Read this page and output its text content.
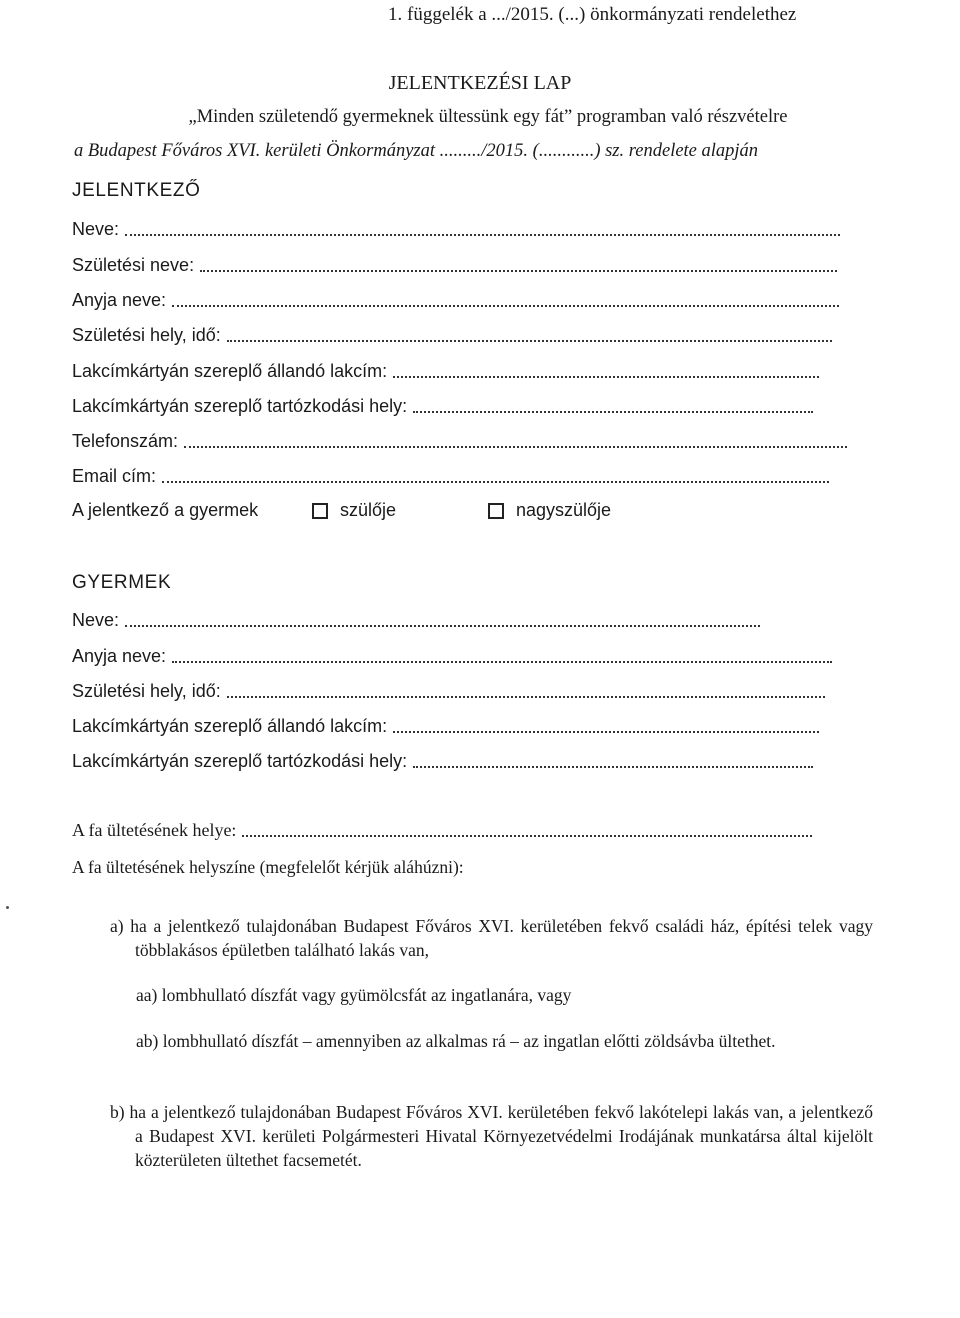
1. függelék a .../2015. (...) önkormányzati rendelethez
JELENTKEZÉSI LAP
„Minden születendő gyermeknek ültessünk egy fát” programban való részvételre
a Budapest Főváros XVI. kerületi Önkormányzat ........./2015. (............) sz. rendelete alapján
JELENTKEZŐ
Neve:
Születési neve:
Anyja neve:
Születési hely, idő:
Lakcímkártyán szereplő állandó lakcím:
Lakcímkártyán szereplő tartózkodási hely:
Telefonszám:
Email cím:
A jelentkező a gyermek	szülője	nagyszülője
GYERMEK
Neve:
Anyja neve:
Születési hely, idő:
Lakcímkártyán szereplő állandó lakcím:
Lakcímkártyán szereplő tartózkodási hely:
A fa ültetésének helye:
A fa ültetésének helyszíne (megfelelőt kérjük aláhúzni):
a) ha a jelentkező tulajdonában Budapest Főváros XVI. kerületében fekvő családi ház, építési telek vagy többlakásos épületben található lakás van,
aa) lombhullató díszfát vagy gyümölcsfát az ingatlanára, vagy
ab) lombhullató díszfát – amennyiben az alkalmas rá – az ingatlan előtti zöldsávba ültethet.
b) ha a jelentkező tulajdonában Budapest Főváros XVI. kerületében fekvő lakótelepi lakás van, a jelentkező a Budapest XVI. kerületi Polgármesteri Hivatal Környezetvédelmi Irodájának munkatársa által kijelölt közterületen ültethet facsemetét.
